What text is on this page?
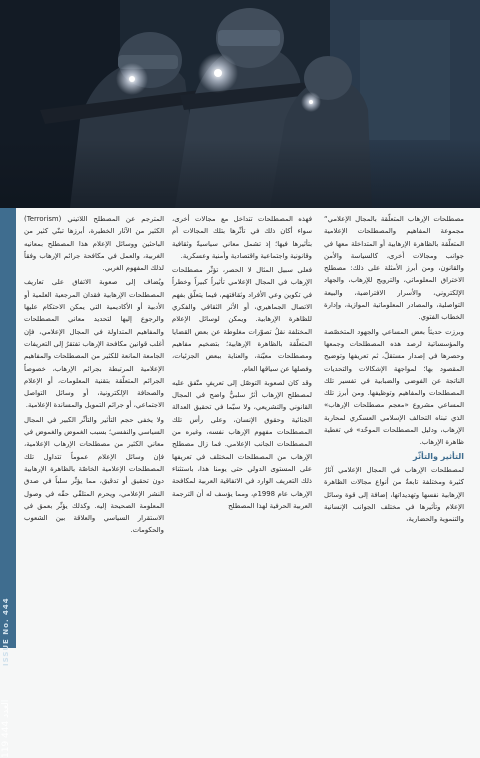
ISSUE No. 444
119 العدد 444

مصطلحات الإرهاب المتعلّقة بالمجال الإعلامي“ مجموعة المفاهيم والمصطلحات الإعلامية المتعلّقة بالظاهرة الإرهابية أو المتداخلة معها في جوانب ومجالات أخرى، كالسياسة والأمن والقانون، ومن أبرز الأمثلة على ذلك: مصطلح الاختراق المعلوماتي، والترويج للإرهاب، والجهاد الإلكتروني، والأسرار الافتراضية، والبيعة التواصلية، والمصادر المعلوماتية الموازية، وإدارة الخطاب الفتوي.

وبرزت حديثاً بعض المساعي والجهود المتخصّصة والمؤسساتية لرصد هذه المصطلحات وجمعها وحصرها في إصدار مستقلّ، ثم تعريفها وتوضيح المقصود بها؛ لمواجهة الإشكالات والتحديات الناتجة عن الفوضى والضبابية في تفسير تلك المصطلحات والمفاهيم وتوظيفها. ومن أبرز تلك المساعي مشروع «معجم مصطلحات الإرهاب» الذي تبناه التحالف الإسلامي العسكري لمحاربة الإرهاب، ودليل المصطلحات الموحّد» في تغطية ظاهرة الإرهاب.

التأثير والتأثّر

لمصطلحات الإرهاب في المجال الإعلامي آثارٌ كثيرة ومختلفة تابعةٌ من أنواع مجالات الظاهرة الإرهابية نفسها وتهديداتها، إضافة إلى قوة وسائل الإعلام وتأثيرها في مختلف الجوانب الإنسانية والتنموية والحضارية،

فهذه المصطلحات تتداخل مع مجالات أخرى، سواء أكان ذلك في تأثّرها بتلك المجالات أم بتأثيرها فيها؛ إذ تشمل معاني سياسيةً وثقافية وقانونية واجتماعية واقتصادية وأمنية وعسكرية.

فعلى سبيل المثال لا الحصر، تؤثّر مصطلحات الإرهاب في المجال الإعلامي تأثيراً كبيراً وخطراً في تكوين وعي الأفراد وثقافتهم، فيما يتعلّق بفهم الاتصال الجماهيري، أو الأثر الثقافي والفكري للظاهرة الإرهابية. ويمكن لوسائل الإعلام المختلفة نقلُ تصوّرات مغلوطة عن بعض القضايا المتعلّقة بالظاهرة الإرهابية؛ بتضخيم مفاهيم ومصطلحات معيّنة، والعناية ببعض الجزئيات، وفصلها عن سياقها العام.

وقد كان لصعوبة التوصّل إلى تعريفٍ متّفق عليه لمصطلح الإرهاب أثرٌ سلبيٌّ واضح في المجال القانوني والتشريعي، ولا سيّما في تحقيق العدالة الجنائية وحقوق الإنسان، وعلى رأس تلك المصطلحات مفهوم الإرهاب نفسه، وغيره من المصطلحات الجانب الإعلامي. فما زال مصطلح الإرهاب من المصطلحات المختلف في تعريفها على المستوى الدولي حتى يومنا هذا، باستثناء ذلك التعريف الوارد في الاتفاقية العربية لمكافحة الإرهاب عام 1998م، ومما يؤسف له أن الترجمة العربية الحرفية لهذا المصطلح

المترجم عن المصطلح اللاتيني (Terrorism) الكثير من الآثار الخطيرة، أبرزها تبنّي كثير من الباحثين ووسائل الإعلام هذا المصطلح بمعانيه الغربية، والعمل في مكافحة جرائم الإرهاب وفقاً لذلك المفهوم الغربي.

ويُضاف إلى صعوبة الاتفاق على تعاريف المصطلحات الإرهابية فقدان المرجعية العلمية أو الأدبية أو الأكاديمية التي يمكن الاحتكام عليها والرجوع إليها لتحديد معاني المصطلحات والمفاهيم المتداولة في المجال الإعلامي، فإن أغلب قوانين مكافحة الإرهاب تفتقرُ إلى التعريفات الجامعة المانعة للكثير من المصطلحات والمفاهيم الإعلامية المرتبطة بجرائم الإرهاب، خصوصاً الجرائم المتعلّقة بتقنية المعلومات، أو الإعلام والصحافة الإلكترونية، أو وسائل التواصل الاجتماعي، أو جرائم التمويل والمساندة الإعلامية.

ولا يخفى حجم التأثير والتأثّر الكبير في المجال السياسي والنفسي؛ بسبب الغموض والغموض في معاني الكثير من مصطلحات الإرهاب الإعلامية، فإن وسائل الإعلام عموماً تتداول تلك المصطلحات الإعلامية الخاصّة بالظاهرة الإرهابية دون تحقيق أو تدقيق، مما يؤثّر سلباً في صدق النشر الإعلامي، ويحرم المتلقّي حقّه في وصول المعلومة الصحيحة إليه. وكذلك يؤثّر بعمق في الاستقرار السياسي والعلاقة بين الشعوب والحكومات.
